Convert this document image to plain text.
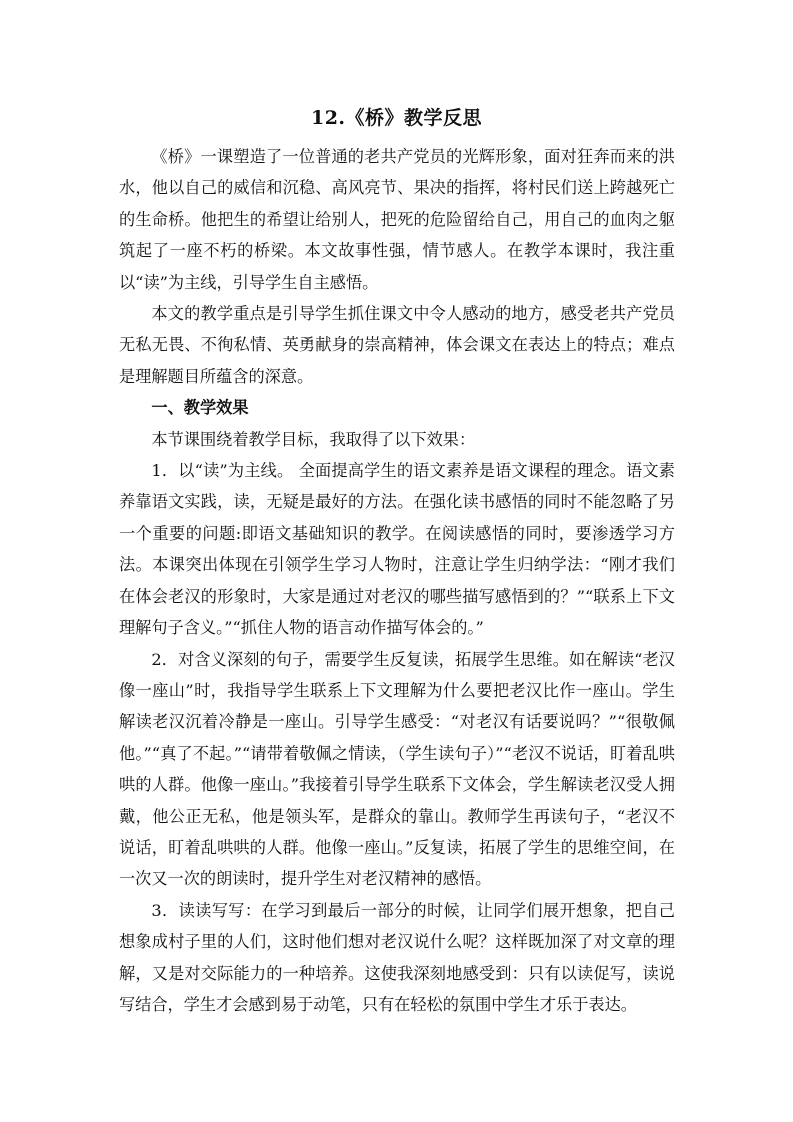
12.《桥》教学反思

《桥》一课塑造了一位普通的老共产党员的光辉形象，面对狂奔而来的洪水，他以自己的威信和沉稳、高风亮节、果决的指挥，将村民们送上跨越死亡的生命桥。他把生的希望让给别人，把死的危险留给自己，用自己的血肉之躯筑起了一座不朽的桥梁。本文故事性强，情节感人。在教学本课时，我注重以“读”为主线，引导学生自主感悟。

本文的教学重点是引导学生抓住课文中令人感动的地方，感受老共产党员无私无畏、不徇私情、英勇献身的崇高精神，体会课文在表达上的特点；难点是理解题目所蕴含的深意。

一、教学效果

本节课围绕着教学目标，我取得了以下效果：

1．以“读”为主线。 全面提高学生的语文素养是语文课程的理念。语文素养靠语文实践，读，无疑是最好的方法。在强化读书感悟的同时不能忽略了另一个重要的问题:即语文基础知识的教学。在阅读感悟的同时，要渗透学习方法。本课突出体现在引领学生学习人物时，注意让学生归纳学法：“刚才我们在体会老汉的形象时，大家是通过对老汉的哪些描写感悟到的？”“联系上下文理解句子含义。”“抓住人物的语言动作描写体会的。”

2．对含义深刻的句子，需要学生反复读，拓展学生思维。如在解读“老汉像一座山”时，我指导学生联系上下文理解为什么要把老汉比作一座山。学生解读老汉沉着冷静是一座山。引导学生感受：“对老汉有话要说吗？”“很敬佩他。”“真了不起。”“请带着敬佩之情读，（学生读句子）”“老汉不说话，盯着乱哄哄的人群。他像一座山。”我接着引导学生联系下文体会，学生解读老汉受人拥戴，他公正无私，他是领头军，是群众的靠山。教师学生再读句子，“老汉不说话，盯着乱哄哄的人群。他像一座山。”反复读，拓展了学生的思维空间，在一次又一次的朗读时，提升学生对老汉精神的感悟。

3．读读写写：在学习到最后一部分的时候，让同学们展开想象，把自己想象成村子里的人们，这时他们想对老汉说什么呢？这样既加深了对文章的理解，又是对交际能力的一种培养。这使我深刻地感受到：只有以读促写，读说写结合，学生才会感到易于动笔，只有在轻松的氛围中学生才乐于表达。
